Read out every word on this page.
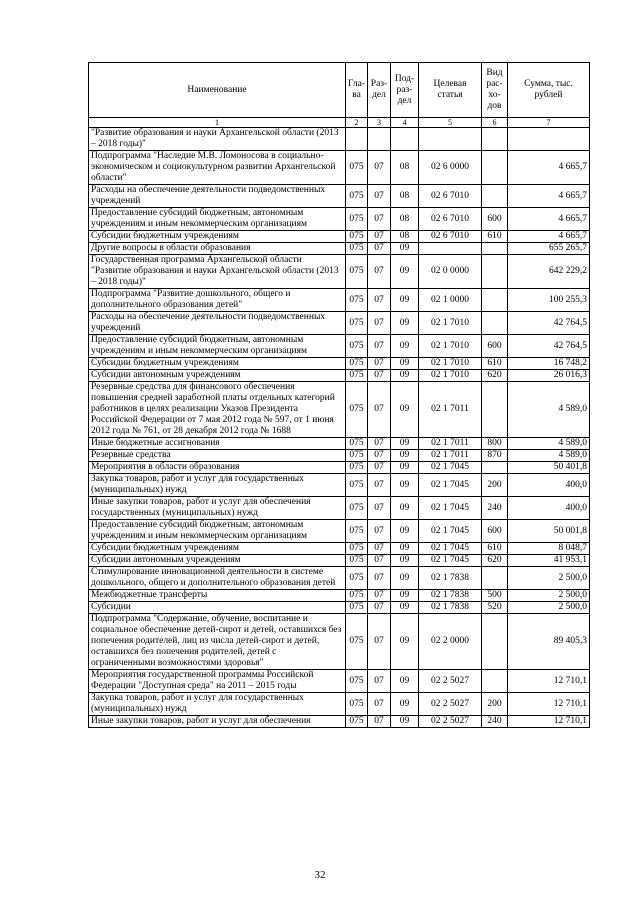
Наименование	Гла-ва	Раз-дел	Под-раз-дел	Целевая статья	Вид рас-хо-дов	Сумма, тыс. рублей
1	2	3	4	5	6	7
"Развитие образования и науки Архангельской области (2013 – 2018 годы)"						
Подпрограмма "Наследие М.В. Ломоносова в социально-экономическом и социокультурном развитии Архангельской области"	075	07	08	02 6 0000		4 665,7
Расходы на обеспечение деятельности подведомственных учреждений	075	07	08	02 6 7010		4 665,7
Предоставление субсидий бюджетным, автономным учреждениям и иным некоммерческим организациям	075	07	08	02 6 7010	600	4 665,7
Субсидии бюджетным учреждениям	075	07	08	02 6 7010	610	4 665,7
Другие вопросы в области образования	075	07	09			655 265,7
Государственная программа Архангельской области "Развитие образования и науки Архангельской области (2013 – 2018 годы)"	075	07	09	02 0 0000		642 229,2
Подпрограмма "Развитие дошкольного, общего и дополнительного образования детей"	075	07	09	02 1 0000		100 255,3
Расходы на обеспечение деятельности подведомственных учреждений	075	07	09	02 1 7010		42 764,5
Предоставление субсидий бюджетным, автономным учреждениям и иным некоммерческим организациям	075	07	09	02 1 7010	600	42 764,5
Субсидии бюджетным учреждениям	075	07	09	02 1 7010	610	16 748,2
Субсидии автономным учреждениям	075	07	09	02 1 7010	620	26 016,3
Резервные средства для финансового обеспечения повышения средней заработной платы отдельных категорий работников в целях реализации Указов Президента Российской Федерации от 7 мая 2012 года № 597, от 1 июня 2012 года № 761, от 28 декабря 2012 года № 1688	075	07	09	02 1 7011		4 589,0
Иные бюджетные ассигнования	075	07	09	02 1 7011	800	4 589,0
Резервные средства	075	07	09	02 1 7011	870	4 589,0
Мероприятия в области образования	075	07	09	02 1 7045		50 401,8
Закупка товаров, работ и услуг для государственных (муниципальных) нужд	075	07	09	02 1 7045	200	400,0
Иные закупки товаров, работ и услуг для обеспечения государственных (муниципальных) нужд	075	07	09	02 1 7045	240	400,0
Предоставление субсидий бюджетным, автономным учреждениям и иным некоммерческим организациям	075	07	09	02 1 7045	600	50 001,8
Субсидии бюджетным учреждениям	075	07	09	02 1 7045	610	8 048,7
Субсидии автономным учреждениям	075	07	09	02 1 7045	620	41 953,1
Стимулирование инновационной деятельности в системе дошкольного, общего и дополнительного образования детей	075	07	09	02 1 7838		2 500,0
Межбюджетные трансферты	075	07	09	02 1 7838	500	2 500,0
Субсидии	075	07	09	02 1 7838	520	2 500,0
Подпрограмма "Содержание, обучение, воспитание и социальное обеспечение детей-сирот и детей, оставшихся без попечения родителей, лиц из числа детей-сирот и детей, оставшихся без попечения родителей, детей с ограниченными возможностями здоровья"	075	07	09	02 2 0000		89 405,3
Мероприятия государственной программы Российской Федерации "Доступная среда" на 2011 – 2015 годы	075	07	09	02 2 5027		12 710,1
Закупка товаров, работ и услуг для государственных (муниципальных) нужд	075	07	09	02 2 5027	200	12 710,1
Иные закупки товаров, работ и услуг для обеспечения	075	07	09	02 2 5027	240	12 710,1
32
